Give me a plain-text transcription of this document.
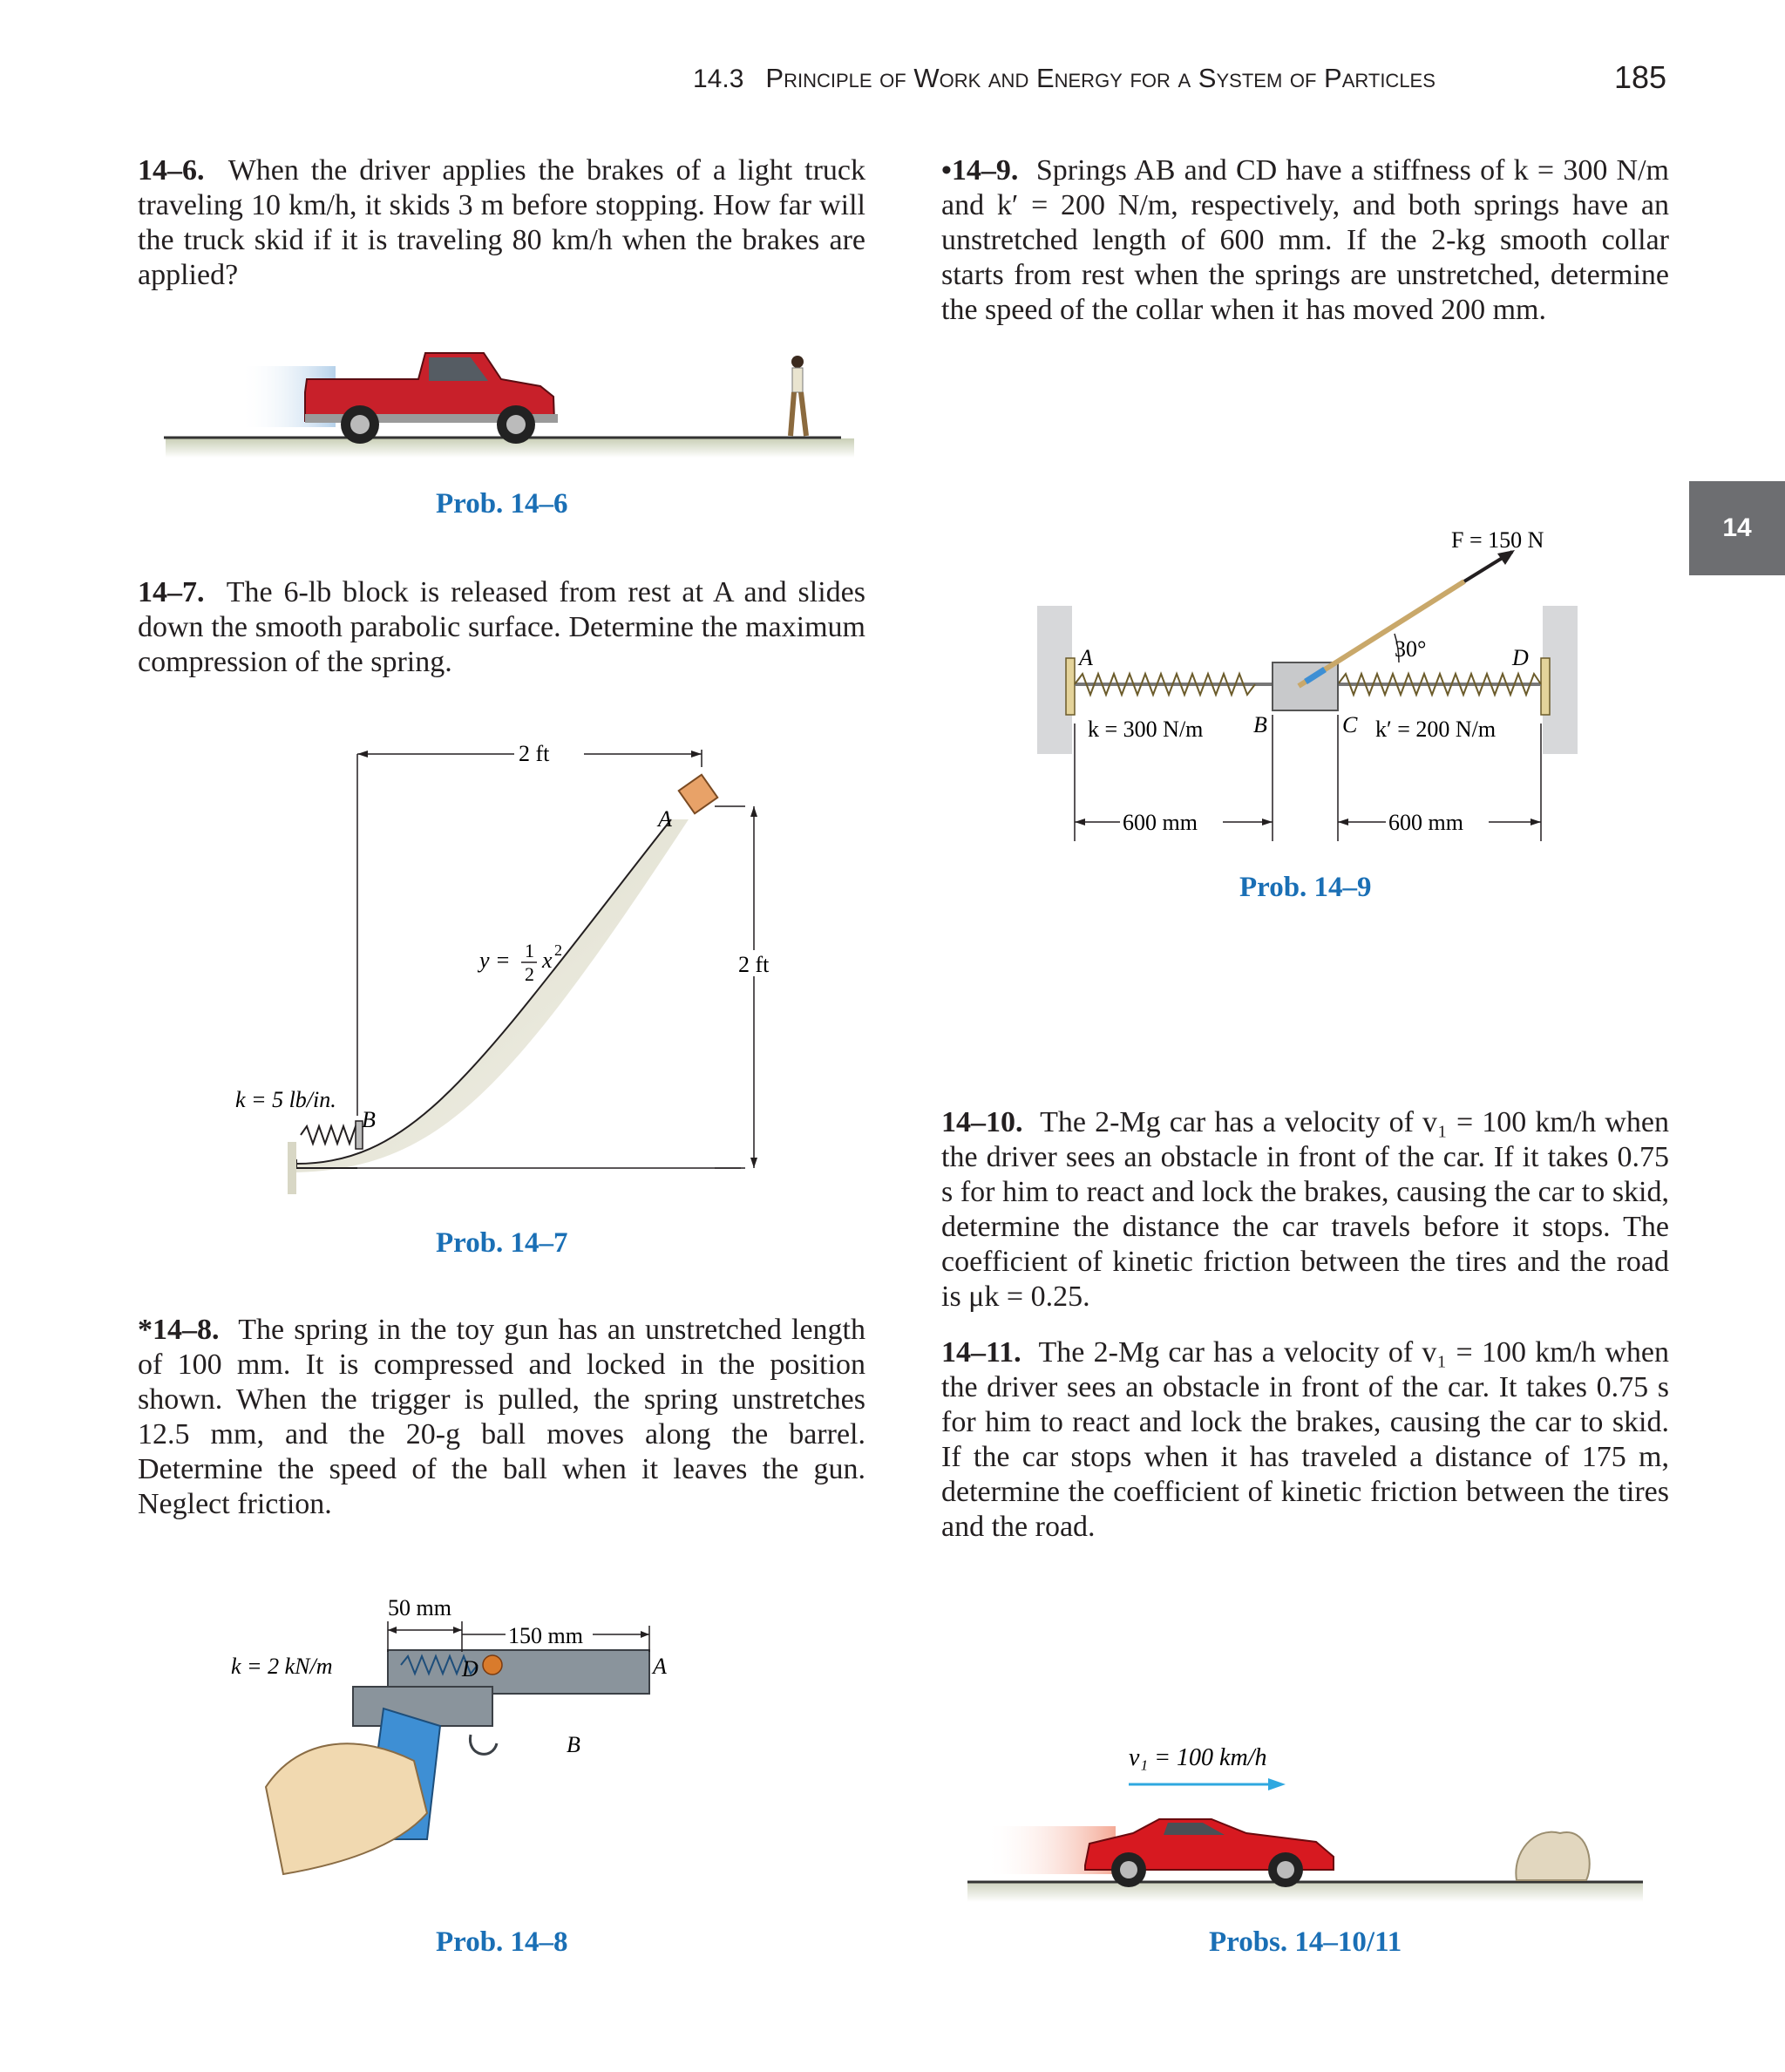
14.3 Principle of Work and Energy for a System of Particles	185
14
14–6. When the driver applies the brakes of a light truck traveling 10 km/h, it skids 3 m before stopping. How far will the truck skid if it is traveling 80 km/h when the brakes are applied?
Prob. 14–6
14–7. The 6-lb block is released from rest at A and slides down the smooth parabolic surface. Determine the maximum compression of the spring.
2 ft
2 ft
A
B
y = 1
2
x 2
k = 5 lb/in.
Prob. 14–7
*14–8. The spring in the toy gun has an unstretched length of 100 mm. It is compressed and locked in the position shown. When the trigger is pulled, the spring unstretches 12.5 mm, and the 20-g ball moves along the barrel. Determine the speed of the ball when it leaves the gun. Neglect friction.
50 mm
150 mm
k = 2 kN/m	D	A
B
Prob. 14–8
•14–9. Springs AB and CD have a stiffness of k = 300 N/m and k′ = 200 N/m, respectively, and both springs have an unstretched length of 600 mm. If the 2-kg smooth collar starts from rest when the springs are unstretched, determine the speed of the collar when it has moved 200 mm.
F = 150 N
30°
A
B	C
D
k = 300 N/m	k′ = 200 N/m
600 mm	600 mm
Prob. 14–9
14–10. The 2-Mg car has a velocity of v₁ = 100 km/h when the driver sees an obstacle in front of the car. If it takes 0.75 s for him to react and lock the brakes, causing the car to skid, determine the distance the car travels before it stops. The coefficient of kinetic friction between the tires and the road is μk = 0.25.
14–11. The 2-Mg car has a velocity of v₁ = 100 km/h when the driver sees an obstacle in front of the car. It takes 0.75 s for him to react and lock the brakes, causing the car to skid. If the car stops when it has traveled a distance of 175 m, determine the coefficient of kinetic friction between the tires and the road.
v₁ = 100 km/h
Probs. 14–10/11
